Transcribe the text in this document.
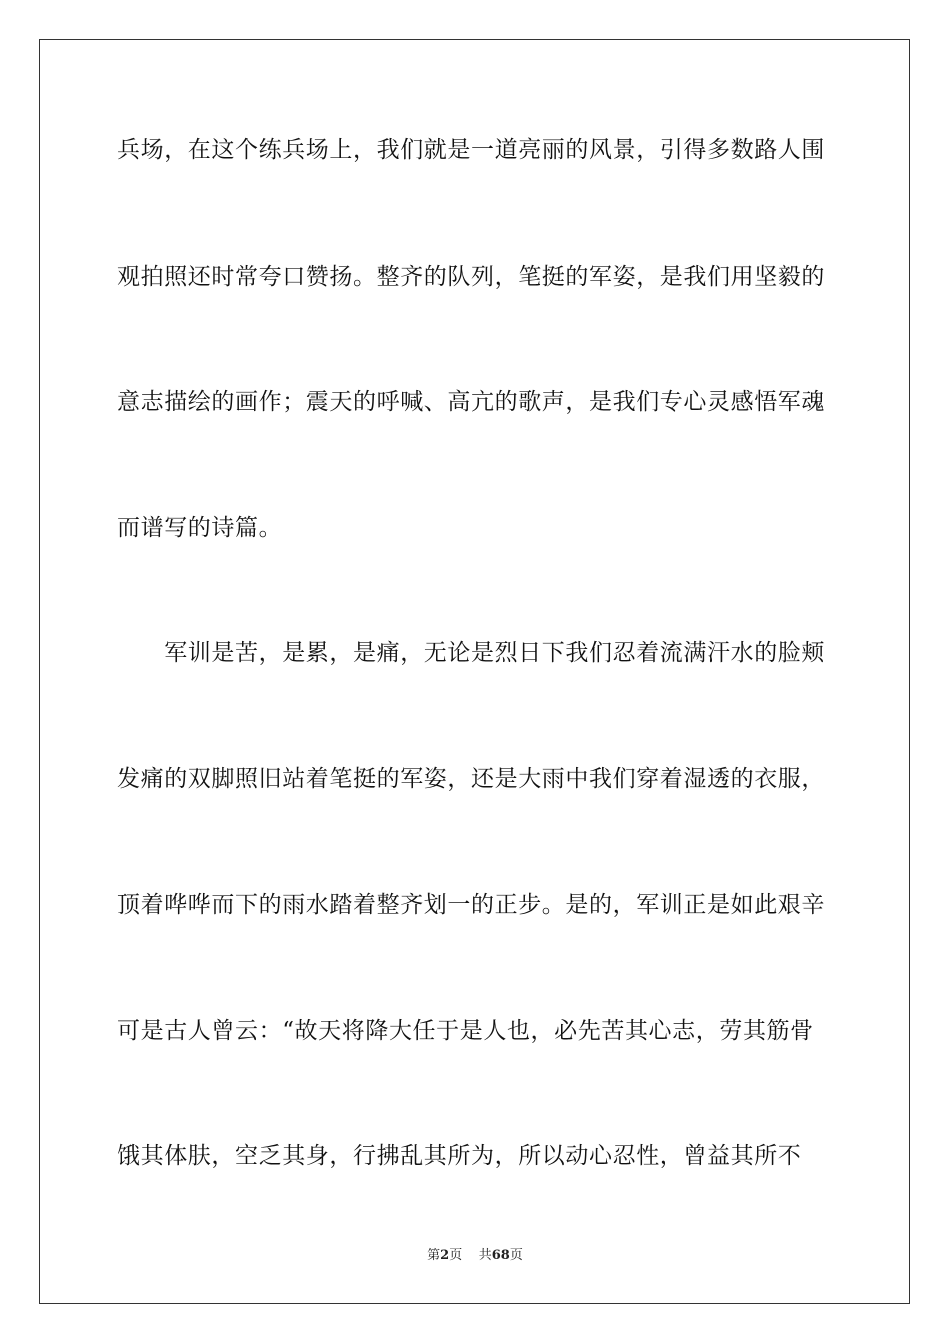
兵场，在这个练兵场上，我们就是一道亮丽的风景，引得多数路人围
观拍照还时常夸口赞扬。整齐的队列，笔挺的军姿，是我们用坚毅的
意志描绘的画作；震天的呼喊、高亢的歌声，是我们专心灵感悟军魂
而谱写的诗篇。
　　军训是苦，是累，是痛，无论是烈日下我们忍着流满汗水的脸颊
发痛的双脚照旧站着笔挺的军姿，还是大雨中我们穿着湿透的衣服，
顶着哗哗而下的雨水踏着整齐划一的正步。是的，军训正是如此艰辛
可是古人曾云：“故天将降大任于是人也，必先苦其心志，劳其筋骨
饿其体肤，空乏其身，行拂乱其所为，所以动心忍性，曾益其所不
第2页 共68页
